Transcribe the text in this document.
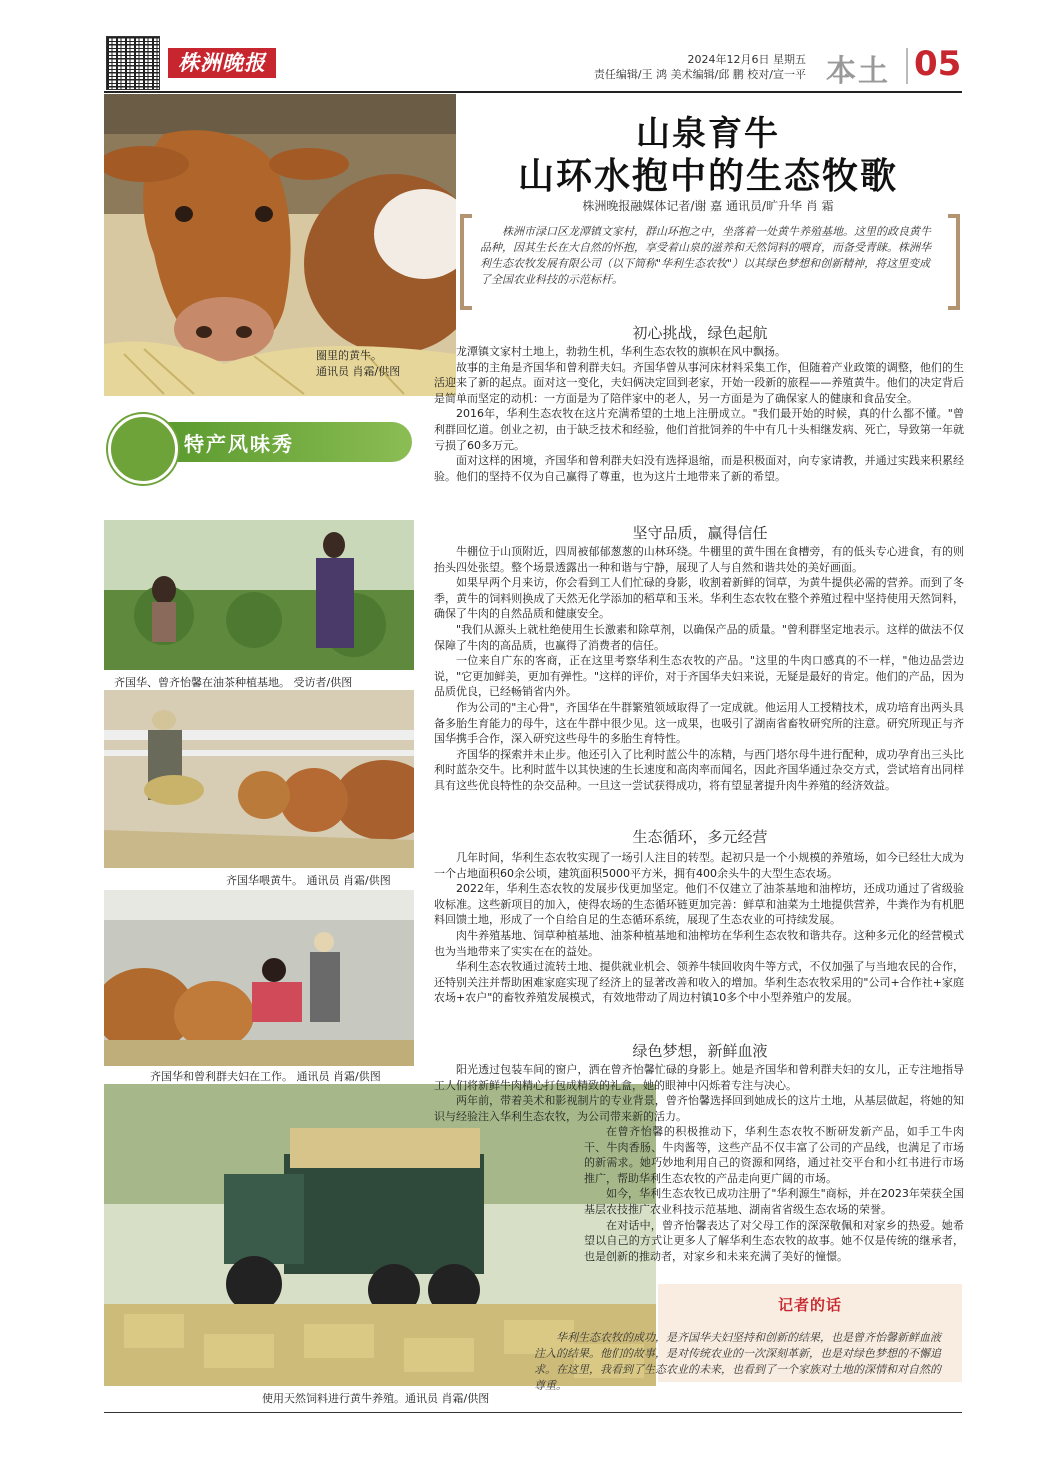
株洲晚报	2024年12月6日 星期五
责任编辑/王 鸿 美术编辑/邱 鹏 校对/宣一平 本土 05
圈里的黄牛。
通讯员 肖霜/供图
特产风味秀
齐国华、曾齐怡馨在油茶种植基地。 受访者/供图
齐国华喂黄牛。 通讯员 肖霜/供图
齐国华和曾利群夫妇在工作。 通讯员 肖霜/供图
使用天然饲料进行黄牛养殖。通讯员 肖霜/供图
山泉育牛
山环水抱中的生态牧歌
株洲晚报融媒体记者/谢 嘉 通讯员/旷升华 肖 霜
株洲市渌口区龙潭镇文家村，群山环抱之中，坐落着一处黄牛养殖基地。这里的政良黄牛品种，因其生长在大自然的怀抱，享受着山泉的滋养和天然饲料的喂育，而备受青睐。株洲华利生态农牧发展有限公司（以下简称"华利生态农牧"）以其绿色梦想和创新精神，将这里变成了全国农业科技的示范标杆。
初心挑战，绿色起航

龙潭镇文家村土地上，勃勃生机，华利生态农牧的旗帜在风中飘扬。

故事的主角是齐国华和曾利群夫妇。齐国华曾从事河床材料采集工作，但随着产业政策的调整，他们的生活迎来了新的起点。面对这一变化，夫妇俩决定回到老家，开始一段新的旅程——养殖黄牛。他们的决定背后是简单而坚定的动机：一方面是为了陪伴家中的老人，另一方面是为了确保家人的健康和食品安全。

2016年，华利生态农牧在这片充满希望的土地上注册成立。"我们最开始的时候，真的什么都不懂。"曾利群回忆道。创业之初，由于缺乏技术和经验，他们首批饲养的牛中有几十头相继发病、死亡，导致第一年就亏损了60多万元。

面对这样的困境，齐国华和曾利群夫妇没有选择退缩，而是积极面对，向专家请教，并通过实践来积累经验。他们的坚持不仅为自己赢得了尊重，也为这片土地带来了新的希望。

坚守品质，赢得信任

牛棚位于山顶附近，四周被郁郁葱葱的山林环绕。牛棚里的黄牛围在食槽旁，有的低头专心进食，有的则抬头四处张望。整个场景透露出一种和谐与宁静，展现了人与自然和谐共处的美好画面。

如果早两个月来访，你会看到工人们忙碌的身影，收割着新鲜的饲草，为黄牛提供必需的营养。而到了冬季，黄牛的饲料则换成了天然无化学添加的稻草和玉米。华利生态农牧在整个养殖过程中坚持使用天然饲料，确保了牛肉的自然品质和健康安全。

"我们从源头上就杜绝使用生长激素和除草剂，以确保产品的质量。"曾利群坚定地表示。这样的做法不仅保障了牛肉的高品质，也赢得了消费者的信任。

一位来自广东的客商，正在这里考察华利生态农牧的产品。"这里的牛肉口感真的不一样，"他边品尝边说，"它更加鲜美，更加有弹性。"这样的评价，对于齐国华夫妇来说，无疑是最好的肯定。他们的产品，因为品质优良，已经畅销省内外。

作为公司的"主心骨"，齐国华在牛群繁殖领域取得了一定成就。他运用人工授精技术，成功培育出两头具备多胎生育能力的母牛，这在牛群中很少见。这一成果，也吸引了湖南省畜牧研究所的注意。研究所现正与齐国华携手合作，深入研究这些母牛的多胎生育特性。

齐国华的探索并未止步。他还引入了比利时蓝公牛的冻精，与西门塔尔母牛进行配种，成功孕育出三头比利时蓝杂交牛。比利时蓝牛以其快速的生长速度和高肉率而闻名，因此齐国华通过杂交方式，尝试培育出同样具有这些优良特性的杂交品种。一旦这一尝试获得成功，将有望显著提升肉牛养殖的经济效益。

生态循环，多元经营

几年时间，华利生态农牧实现了一场引人注目的转型。起初只是一个小规模的养殖场，如今已经壮大成为一个占地面积60余公顷，建筑面积5000平方米，拥有400余头牛的大型生态农场。

2022年，华利生态农牧的发展步伐更加坚定。他们不仅建立了油茶基地和油榨坊，还成功通过了省级验收标准。这些新项目的加入，使得农场的生态循环链更加完善：鲜草和油菜为土地提供营养，牛粪作为有机肥料回馈土地，形成了一个自给自足的生态循环系统，展现了生态农业的可持续发展。

肉牛养殖基地、饲草种植基地、油茶种植基地和油榨坊在华利生态农牧和谐共存。这种多元化的经营模式也为当地带来了实实在在的益处。

华利生态农牧通过流转土地、提供就业机会、领养牛犊回收肉牛等方式，不仅加强了与当地农民的合作，还特别关注并帮助困难家庭实现了经济上的显著改善和收入的增加。华利生态农牧采用的"公司+合作社+家庭农场+农户"的畜牧养殖发展模式，有效地带动了周边村镇10多个中小型养殖户的发展。

绿色梦想，新鲜血液

阳光透过包装车间的窗户，洒在曾齐怡馨忙碌的身影上。她是齐国华和曾利群夫妇的女儿，正专注地指导工人们将新鲜牛肉精心打包成精致的礼盒，她的眼神中闪烁着专注与决心。

两年前，带着美术和影视制片的专业背景，曾齐怡馨选择回到她成长的这片土地，从基层做起，将她的知识与经验注入华利生态农牧，为公司带来新的活力。

在曾齐怡馨的积极推动下，华利生态农牧不断研发新产品，如手工牛肉干、牛肉香肠、牛肉酱等，这些产品不仅丰富了公司的产品线，也满足了市场的新需求。她巧妙地利用自己的资源和网络，通过社交平台和小红书进行市场推广，帮助华利生态农牧的产品走向更广阔的市场。

如今，华利生态农牧已成功注册了"华利源生"商标，并在2023年荣获全国基层农技推广农业科技示范基地、湖南省省级生态农场的荣誉。

在对话中，曾齐怡馨表达了对父母工作的深深敬佩和对家乡的热爱。她希望以自己的方式让更多人了解华利生态农牧的故事。她不仅是传统的继承者，也是创新的推动者，对家乡和未来充满了美好的憧憬。

记者的话
华利生态农牧的成功，是齐国华夫妇坚持和创新的结果，也是曾齐怡馨新鲜血液注入的结果。他们的故事，是对传统农业的一次深刻革新，也是对绿色梦想的不懈追求。在这里，我看到了生态农业的未来，也看到了一个家族对土地的深情和对自然的尊重。
